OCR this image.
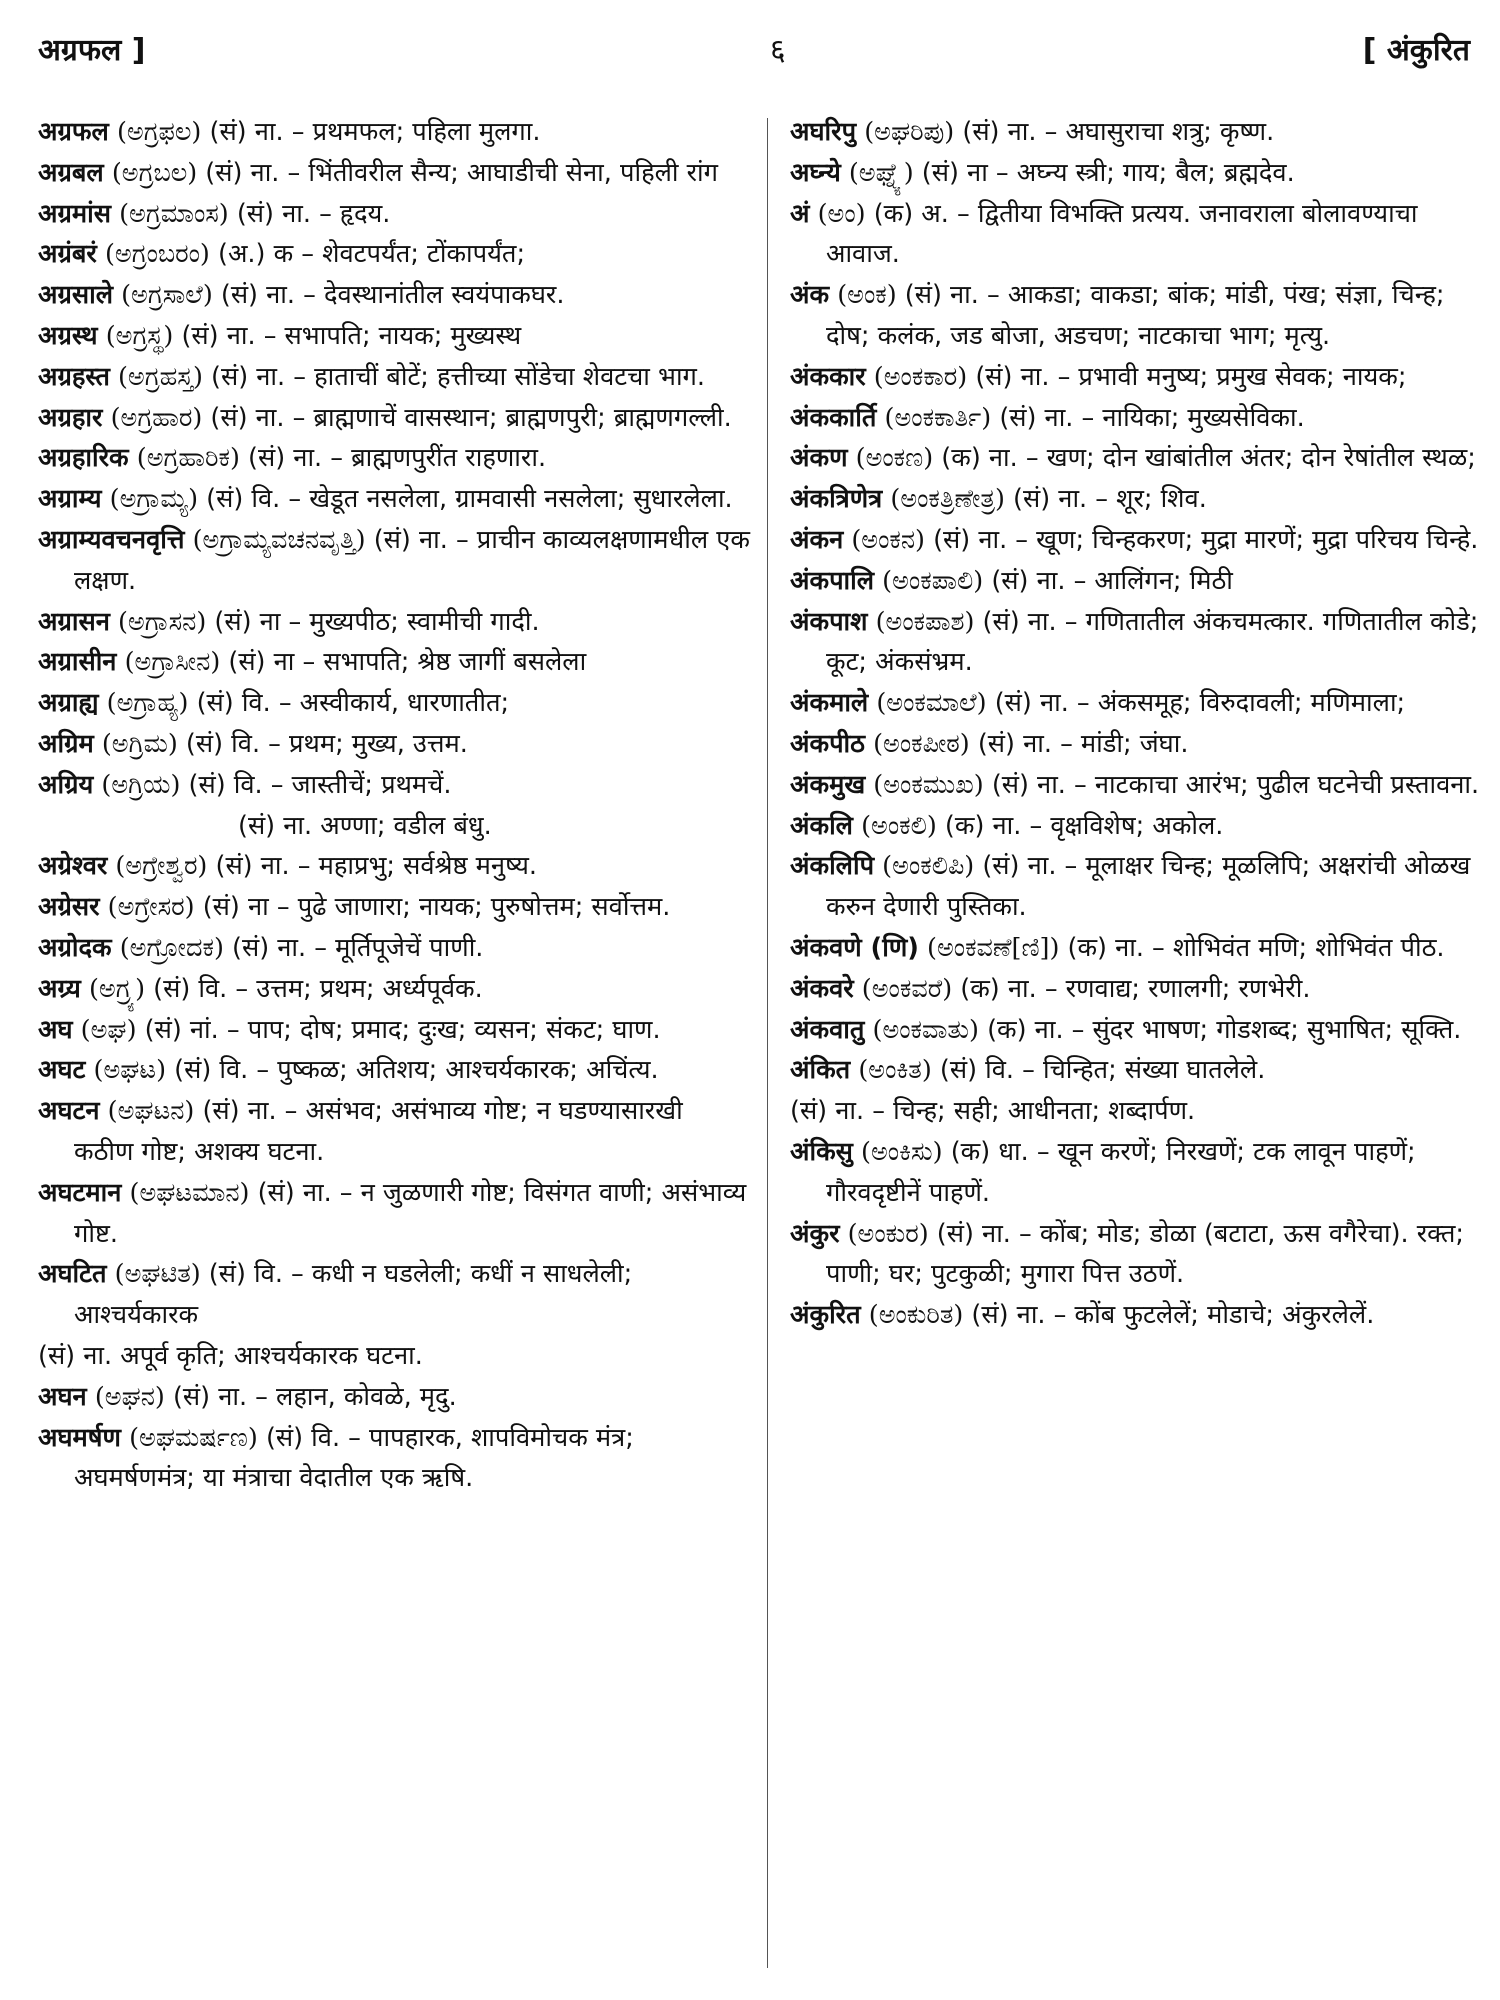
अग्रफल ]	६	[ अंकुरित

अग्रफल (ಅಗ್ರಫಲ) (सं) ना. – प्रथमफल; पहिला मुलगा.

अग्रबल (ಅಗ್ರಬಲ) (सं) ना. – भिंतीवरील सैन्य; आघाडीची सेना, पहिली रांग

अग्रमांस (ಅಗ್ರಮಾಂಸ) (सं) ना. – हृदय.

अग्रंबरं (ಅಗ್ರಂಬರಂ) (अ.) क – शेवटपर्यंत; टोंकापर्यंत;

अग्रसाले (ಅಗ್ರಸಾಲೆ) (सं) ना. – देवस्थानांतील स्वयंपाकघर.

अग्रस्थ (ಅಗ್ರಸ್ಥ) (सं) ना. – सभापति; नायक; मुख्यस्थ

अग्रहस्त (ಅಗ್ರಹಸ್ತ) (सं) ना. – हाताचीं बोटें; हत्तीच्या सोंडेचा शेवटचा भाग.

अग्रहार (ಅಗ್ರಹಾರ) (सं) ना. – ब्राह्मणाचें वासस्थान; ब्राह्मणपुरी; ब्राह्मणगल्ली.

अग्रहारिक (ಅಗ್ರಹಾರಿಕ) (सं) ना. – ब्राह्मणपुरींत राहणारा.

अग्राम्य (ಅಗ್ರಾಮ್ಯ) (सं) वि. – खेडूत नसलेला, ग्रामवासी नसलेला; सुधारलेला.

अग्राम्यवचनवृत्ति (ಅಗ್ರಾಮ್ಯವಚನವೃತ್ತಿ) (सं) ना. – प्राचीन काव्यलक्षणामधील एक लक्षण.

अग्रासन (ಅಗ್ರಾಸನ) (सं) ना – मुख्यपीठ; स्वामीची गादी.

अग्रासीन (ಅಗ್ರಾಸೀನ) (सं) ना – सभापति; श्रेष्ठ जागीं बसलेला

अग्राह्य (ಅಗ್ರಾಹ್ಯ) (सं) वि. – अस्वीकार्य, धारणातीत;

अग्रिम (ಅಗ್ರಿಮ) (सं) वि. – प्रथम; मुख्य, उत्तम.

अग्रिय (ಅಗ್ರಿಯ) (सं) वि. – जास्तीचें; प्रथमचें.

(सं) ना. अण्णा; वडील बंधु.

अग्रेश्वर (ಅಗ್ರೇಶ್ವರ) (सं) ना. – महाप्रभु; सर्वश्रेष्ठ मनुष्य.

अग्रेसर (ಅಗ್ರೇಸರ) (सं) ना – पुढे जाणारा; नायक; पुरुषोत्तम; सर्वोत्तम.

अग्रोदक (ಅಗ್ರೋದಕ) (सं) ना. – मूर्तिपूजेचें पाणी.

अग्र्य (ಅಗ್ರ್ಯ) (सं) वि. – उत्तम; प्रथम; अर्ध्यपूर्वक.

अघ (ಅಘ) (सं) नां. – पाप; दोष; प्रमाद; दुःख; व्यसन; संकट; घाण.

अघट (ಅಘಟ) (सं) वि. – पुष्कळ; अतिशय; आश्चर्यकारक; अचिंत्य.

अघटन (ಅಘಟನ) (सं) ना. – असंभव; असंभाव्य गोष्ट; न घडण्यासारखी कठीण गोष्ट; अशक्य घटना.

अघटमान (ಅಘಟಮಾನ) (सं) ना. – न जुळणारी गोष्ट; विसंगत वाणी; असंभाव्य गोष्ट.

अघटित (ಅಘಟಿತ) (सं) वि. – कधी न घडलेली; कधीं न साधलेली; आश्चर्यकारक

(सं) ना. अपूर्व कृति; आश्चर्यकारक घटना.

अघन (ಅಘನ) (सं) ना. – लहान, कोवळे, मृदु.

अघमर्षण (ಅಘಮರ್ಷಣ) (सं) वि. – पापहारक, शापविमोचक मंत्र; अघमर्षणमंत्र; या मंत्राचा वेदातील एक ऋषि.

अघरिपु (ಅಘರಿಪು) (सं) ना. – अघासुराचा शत्रु; कृष्ण.

अघ्न्ये (ಅಘ್ನ್ಯೆ) (सं) ना – अघ्न्य स्त्री; गाय; बैल; ब्रह्मदेव.

अं (ಅಂ) (क) अ. – द्वितीया विभक्ति प्रत्यय. जनावराला बोलावण्याचा आवाज.

अंक (ಅಂಕ) (सं) ना. – आकडा; वाकडा; बांक; मांडी, पंख; संज्ञा, चिन्ह; दोष; कलंक, जड बोजा, अडचण; नाटकाचा भाग; मृत्यु.

अंककार (ಅಂಕಕಾರ) (सं) ना. – प्रभावी मनुष्य; प्रमुख सेवक; नायक;

अंककार्ति (ಅಂಕಕಾರ್ತಿ) (सं) ना. – नायिका; मुख्यसेविका.

अंकण (ಅಂಕಣ) (क) ना. – खण; दोन खांबांतील अंतर; दोन रेषांतील स्थळ;

अंकत्रिणेत्र (ಅಂಕತ್ರಿಣೇತ್ರ) (सं) ना. – शूर; शिव.

अंकन (ಅಂಕನ) (सं) ना. – खूण; चिन्हकरण; मुद्रा मारणें; मुद्रा परिचय चिन्हे.

अंकपालि (ಅಂಕಪಾಲಿ) (सं) ना. – आलिंगन; मिठी

अंकपाश (ಅಂಕಪಾಶ) (सं) ना. – गणितातील अंकचमत्कार. गणितातील कोडे; कूट; अंकसंभ्रम.

अंकमाले (ಅಂಕಮಾಲೆ) (सं) ना. – अंकसमूह; विरुदावली; मणिमाला;

अंकपीठ (ಅಂಕಪೀಠ) (सं) ना. – मांडी; जंघा.

अंकमुख (ಅಂಕಮುಖ) (सं) ना. – नाटकाचा आरंभ; पुढील घटनेची प्रस्तावना.

अंकलि (ಅಂಕಲಿ) (क) ना. – वृक्षविशेष; अकोल.

अंकलिपि (ಅಂಕಲಿಪಿ) (सं) ना. – मूलाक्षर चिन्ह; मूळलिपि; अक्षरांची ओळख करुन देणारी पुस्तिका.

अंकवणे (णि) (ಅಂಕವಣೆ[ಣಿ]) (क) ना. – शोभिवंत मणि; शोभिवंत पीठ.

अंकवरे (ಅಂಕವರೆ) (क) ना. – रणवाद्य; रणालगी; रणभेरी.

अंकवातु (ಅಂಕವಾತು) (क) ना. – सुंदर भाषण; गोडशब्द; सुभाषित; सूक्ति.

अंकित (ಅಂಕಿತ) (सं) वि. – चिन्हित; संख्या घातलेले.

(सं) ना. – चिन्ह; सही; आधीनता; शब्दार्पण.

अंकिसु (ಅಂಕಿಸು) (क) धा. – खून करणें; निरखणें; टक लावून पाहणें; गौरवदृष्टीनें पाहणें.

अंकुर (ಅಂಕುರ) (सं) ना. – कोंब; मोड; डोळा (बटाटा, ऊस वगैरेचा). रक्त; पाणी; घर; पुटकुळी; मुगारा पित्त उठणें.

अंकुरित (ಅಂಕುರಿತ) (सं) ना. – कोंब फुटलेलें; मोडाचे; अंकुरलेलें.
